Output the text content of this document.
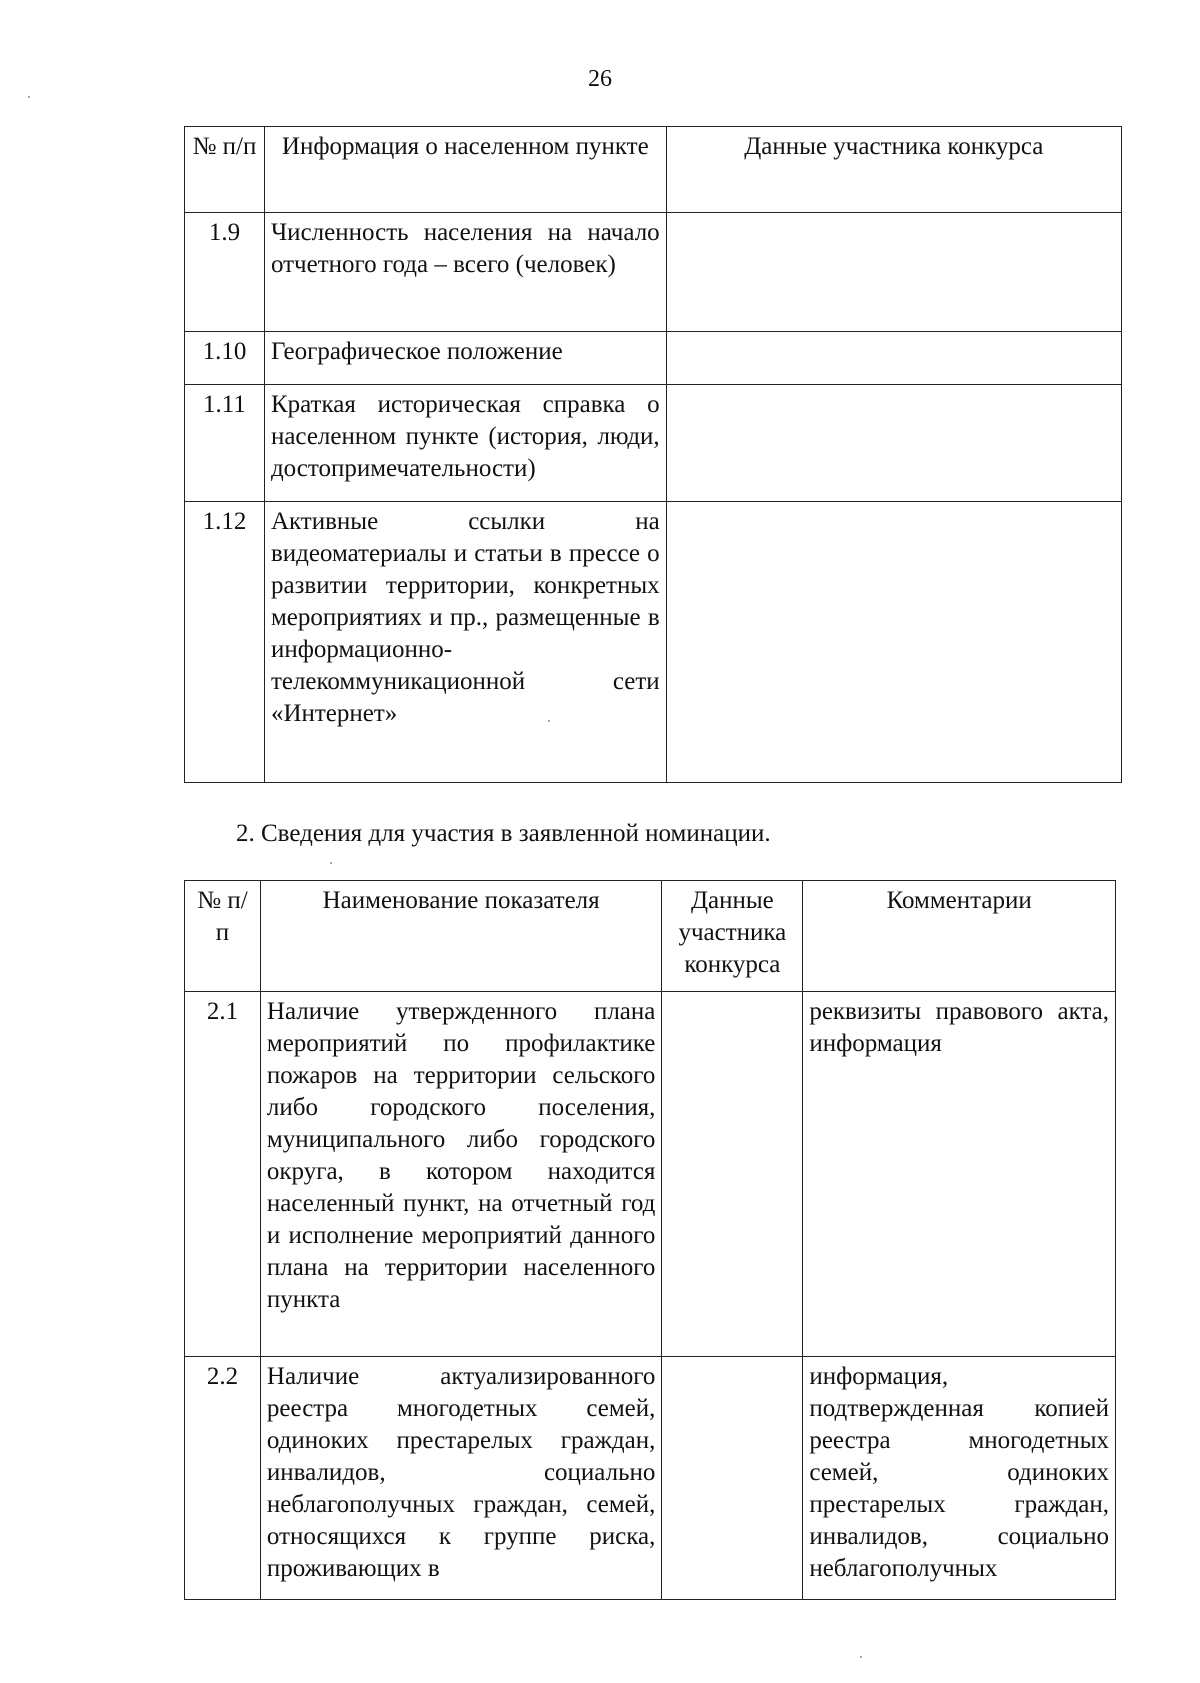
26
№ п/п	Информация о населенном пункте	Данные участника конкурса
1.9	Численность населения на начало отчетного года – всего (человек)	
1.10	Географическое положение	
1.11	Краткая историческая справка о населенном пункте (история, люди, достопримечательности)	
1.12	Активные ссылки на видеоматериалы и статьи в прессе о развитии территории, конкретных мероприятиях и пр., размещенные в информационно-телекоммуникационной сети «Интернет»	
2. Сведения для участия в заявленной номинации.
№ п/п	Наименование показателя	Данные участника конкурса	Комментарии
2.1	Наличие утвержденного плана мероприятий по профилактике пожаров на территории сельского либо городского поселения, муниципального либо городского округа, в котором находится населенный пункт, на отчетный год и исполнение мероприятий данного плана на территории населенного пункта		реквизиты правового акта, информация
2.2	Наличие актуализированного реестра многодетных семей, одиноких престарелых граждан, инвалидов, социально неблагополучных граждан, семей, относящихся к группе риска, проживающих в		информация, подтвержденная копией реестра многодетных семей, одиноких престарелых граждан, инвалидов, социально неблагополучных
